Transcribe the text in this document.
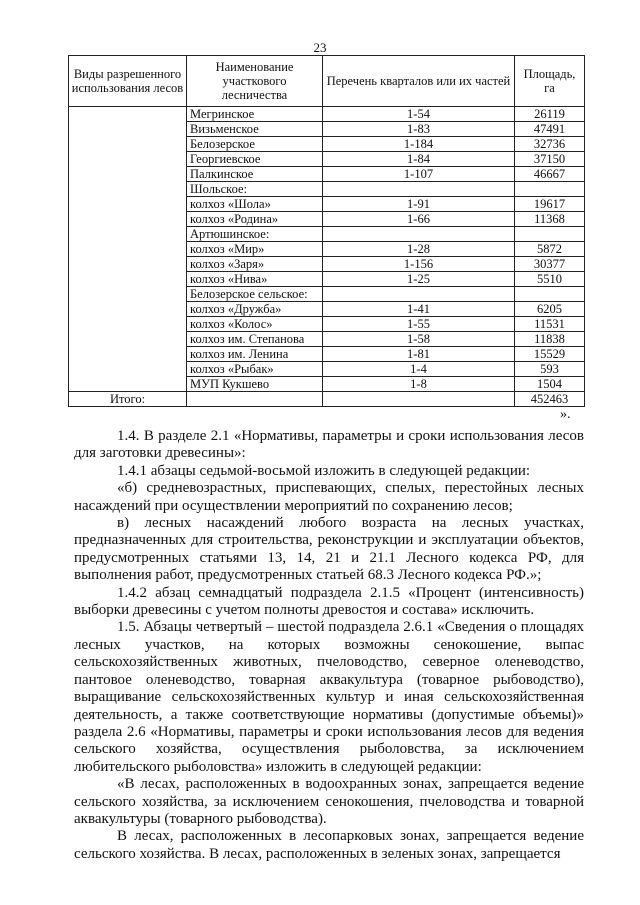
23
Виды разрешенного использования лесов	Наименование участкового лесничества	Перечень кварталов или их частей	Площадь, га
	Мегринское	1-54	26119
	Визьменское	1-83	47491
	Белозерское	1-184	32736
	Георгиевское	1-84	37150
	Палкинское	1-107	46667
	Шольское:		
	колхоз «Шола»	1-91	19617
	колхоз «Родина»	1-66	11368
	Артюшинское:		
	колхоз «Мир»	1-28	5872
	колхоз «Заря»	1-156	30377
	колхоз «Нива»	1-25	5510
	Белозерское сельское:		
	колхоз «Дружба»	1-41	6205
	колхоз «Колос»	1-55	11531
	колхоз им. Степанова	1-58	11838
	колхоз им. Ленина	1-81	15529
	колхоз «Рыбак»	1-4	593
	МУП Кукшево	1-8	1504
Итого:			452463
».

1.4. В разделе 2.1 «Нормативы, параметры и сроки использования лесов для заготовки древесины»:

1.4.1 абзацы седьмой-восьмой изложить в следующей редакции:

«б) средневозрастных, приспевающих, спелых, перестойных лесных насаждений при осуществлении мероприятий по сохранению лесов;

в) лесных насаждений любого возраста на лесных участках, предназначенных для строительства, реконструкции и эксплуатации объектов, предусмотренных статьями 13, 14, 21 и 21.1 Лесного кодекса РФ, для выполнения работ, предусмотренных статьей 68.3 Лесного кодекса РФ.»;

1.4.2 абзац семнадцатый подраздела 2.1.5 «Процент (интенсивность) выборки древесины с учетом полноты древостоя и состава» исключить.

1.5. Абзацы четвертый – шестой подраздела 2.6.1 «Сведения о площадях лесных участков, на которых возможны сенокошение, выпас сельскохозяйственных животных, пчеловодство, северное оленеводство, пантовое оленеводство, товарная аквакультура (товарное рыбоводство), выращивание сельскохозяйственных культур и иная сельскохозяйственная деятельность, а также соответствующие нормативы (допустимые объемы)» раздела 2.6 «Нормативы, параметры и сроки использования лесов для ведения сельского хозяйства, осуществления рыболовства, за исключением любительского рыболовства» изложить в следующей редакции:

«В лесах, расположенных в водоохранных зонах, запрещается ведение сельского хозяйства, за исключением сенокошения, пчеловодства и товарной аквакультуры (товарного рыбоводства).

В лесах, расположенных в лесопарковых зонах, запрещается ведение сельского хозяйства. В лесах, расположенных в зеленых зонах, запрещается
